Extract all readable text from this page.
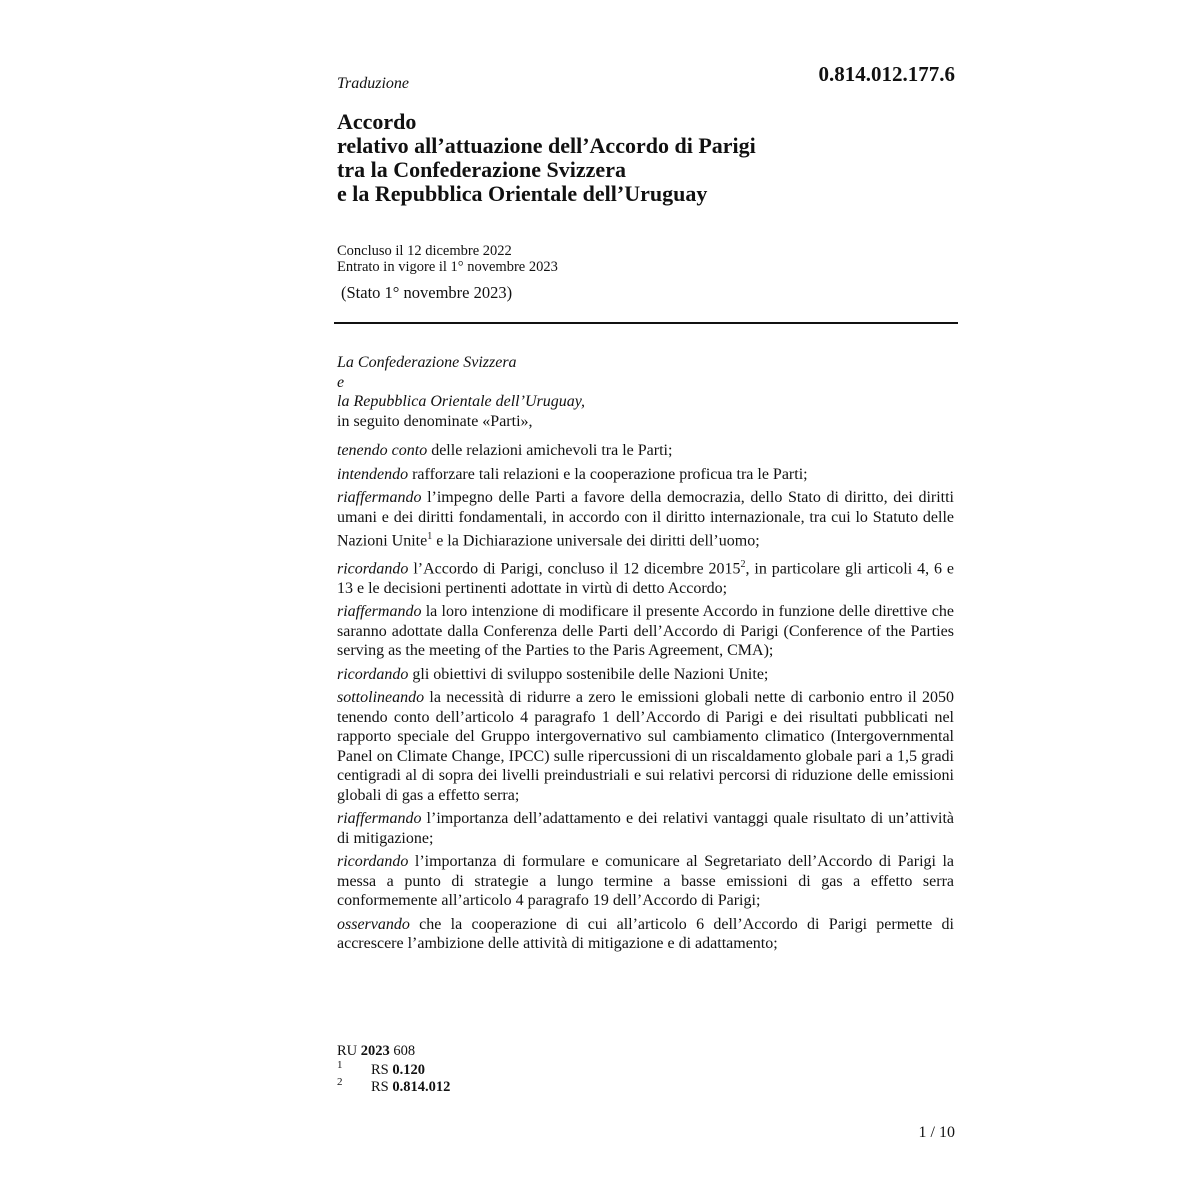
Traduzione	0.814.012.177.6
Accordo
relativo all’attuazione dell’Accordo di Parigi
tra la Confederazione Svizzera
e la Repubblica Orientale dell’Uruguay
Concluso il 12 dicembre 2022
Entrato in vigore il 1° novembre 2023
(Stato 1° novembre 2023)
La Confederazione Svizzera
e
la Repubblica Orientale dell’Uruguay,
in seguito denominate «Parti»,
tenendo conto delle relazioni amichevoli tra le Parti;
intendendo rafforzare tali relazioni e la cooperazione proficua tra le Parti;
riaffermando l’impegno delle Parti a favore della democrazia, dello Stato di diritto, dei diritti umani e dei diritti fondamentali, in accordo con il diritto internazionale, tra cui lo Statuto delle Nazioni Unite$^1$ e la Dichiarazione universale dei diritti dell’uomo;
ricordando l’Accordo di Parigi, concluso il 12 dicembre 2015$^2$, in particolare gli articoli 4, 6 e 13 e le decisioni pertinenti adottate in virtù di detto Accordo;
riaffermando la loro intenzione di modificare il presente Accordo in funzione delle direttive che saranno adottate dalla Conferenza delle Parti dell’Accordo di Parigi (Conference of the Parties serving as the meeting of the Parties to the Paris Agreement, CMA);
ricordando gli obiettivi di sviluppo sostenibile delle Nazioni Unite;
sottolineando la necessità di ridurre a zero le emissioni globali nette di carbonio entro il 2050 tenendo conto dell’articolo 4 paragrafo 1 dell’Accordo di Parigi e dei risultati pubblicati nel rapporto speciale del Gruppo intergovernativo sul cambiamento climatico (Intergovernmental Panel on Climate Change, IPCC) sulle ripercussioni di un riscaldamento globale pari a 1,5 gradi centigradi al di sopra dei livelli preindustriali e sui relativi percorsi di riduzione delle emissioni globali di gas a effetto serra;
riaffermando l’importanza dell’adattamento e dei relativi vantaggi quale risultato di un’attività di mitigazione;
ricordando l’importanza di formulare e comunicare al Segretariato dell’Accordo di Parigi la messa a punto di strategie a lungo termine a basse emissioni di gas a effetto serra conformemente all’articolo 4 paragrafo 19 dell’Accordo di Parigi;
osservando che la cooperazione di cui all’articolo 6 dell’Accordo di Parigi permette di accrescere l’ambizione delle attività di mitigazione e di adattamento;
RU 2023 608
1 RS 0.120
2 RS 0.814.012
1 / 10
